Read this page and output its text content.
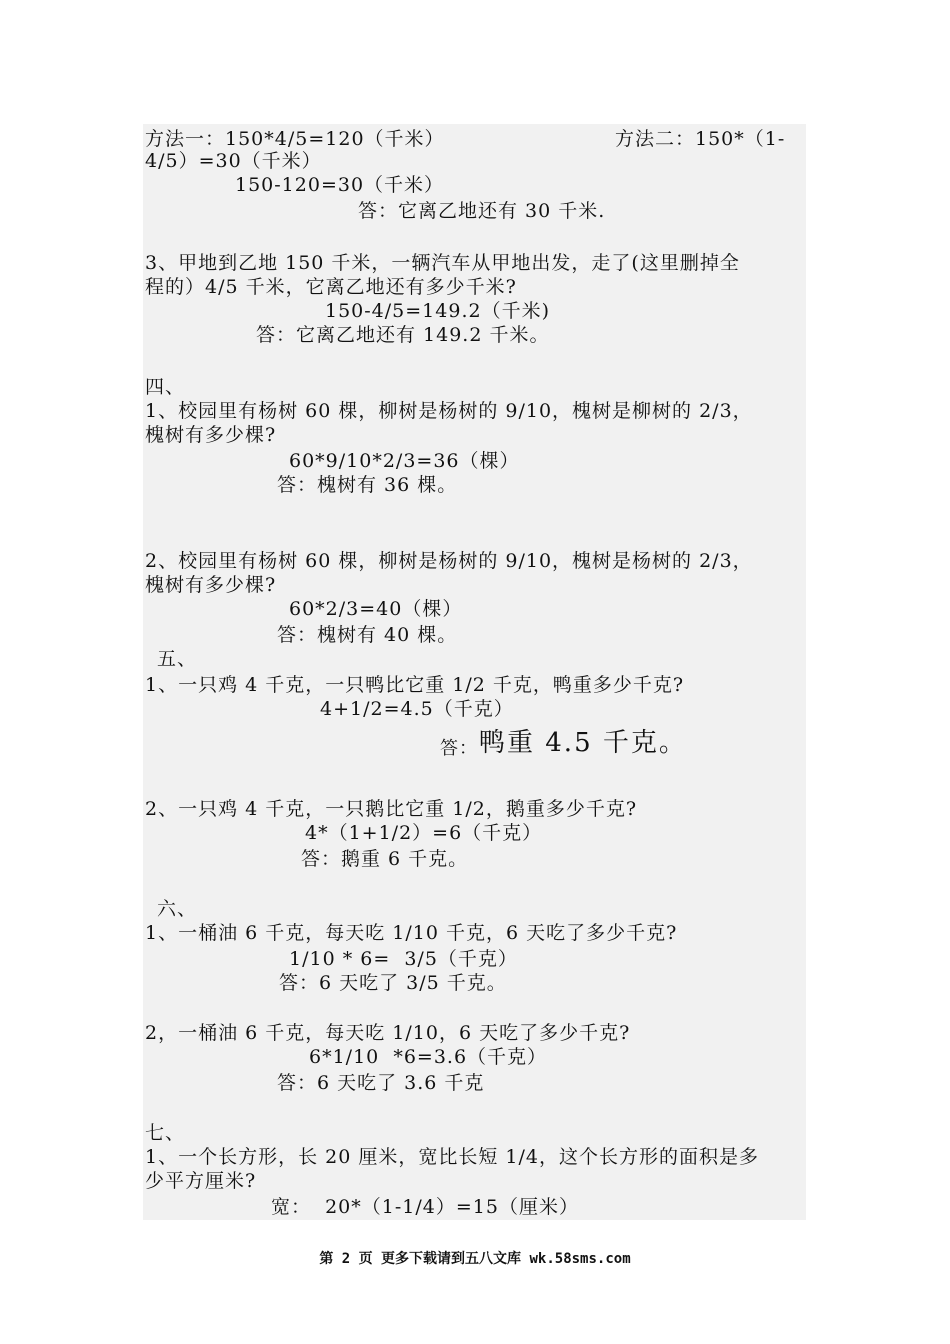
方法一：150*4/5=120（千米）	方法二：150*（1-
4/5）=30（千米）
150-120=30（千米）
答：它离乙地还有 30 千米.
3、甲地到乙地 150 千米，一辆汽车从甲地出发，走了(这里删掉全
程的）4/5 千米，它离乙地还有多少千米?
150-4/5=149.2（千米)
答：它离乙地还有 149.2 千米。
四、
1、校园里有杨树 60 棵，柳树是杨树的 9/10，槐树是柳树的 2/3，
槐树有多少棵?
60*9/10*2/3=36（棵）
答：槐树有 36 棵。
2、校园里有杨树 60 棵，柳树是杨树的 9/10，槐树是杨树的 2/3，
槐树有多少棵?
60*2/3=40（棵）
答：槐树有 40 棵。
五、
1、一只鸡 4 千克，一只鸭比它重 1/2 千克，鸭重多少千克?
4+1/2=4.5（千克）
答： 鸭重 4.5 千克。
2、一只鸡 4 千克，一只鹅比它重 1/2，鹅重多少千克?
4*（1+1/2）=6（千克）
答：鹅重 6 千克。
六、
1、一桶油 6 千克，每天吃 1/10 千克，6 天吃了多少千克?
1/10 * 6=  3/5（千克）
答：6 天吃了 3/5 千克。
2，一桶油 6 千克，每天吃 1/10，6 天吃了多少千克?
6*1/10  *6=3.6（千克）
答：6 天吃了 3.6 千克
七、
1、一个长方形，长 20 厘米，宽比长短 1/4，这个长方形的面积是多
少平方厘米?
宽：  20*（1-1/4）=15（厘米）
第 2 页 更多下载请到五八文库 wk.58sms.com
